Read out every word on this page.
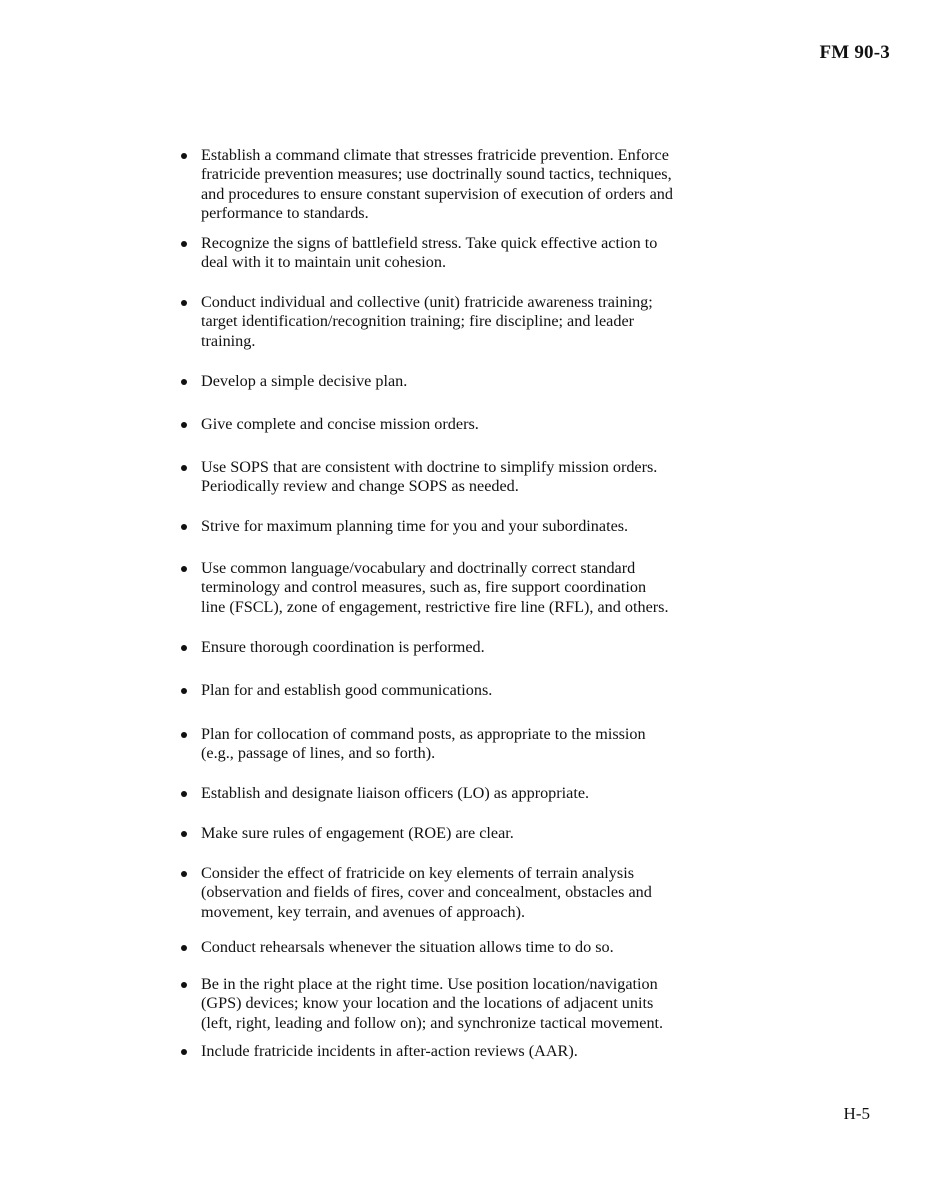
FM 90-3
Establish a command climate that stresses fratricide prevention. Enforce fratricide prevention measures; use doctrinally sound tactics, techniques, and procedures to ensure constant supervision of execution of orders and performance to standards.
Recognize the signs of battlefield stress. Take quick effective action to deal with it to maintain unit cohesion.
Conduct individual and collective (unit) fratricide awareness training; target identification/recognition training; fire discipline; and leader training.
Develop a simple decisive plan.
Give complete and concise mission orders.
Use SOPS that are consistent with doctrine to simplify mission orders. Periodically review and change SOPS as needed.
Strive for maximum planning time for you and your subordinates.
Use common language/vocabulary and doctrinally correct standard terminology and control measures, such as, fire support coordination line (FSCL), zone of engagement, restrictive fire line (RFL), and others.
Ensure thorough coordination is performed.
Plan for and establish good communications.
Plan for collocation of command posts, as appropriate to the mission (e.g., passage of lines, and so forth).
Establish and designate liaison officers (LO) as appropriate.
Make sure rules of engagement (ROE) are clear.
Consider the effect of fratricide on key elements of terrain analysis (observation and fields of fires, cover and concealment, obstacles and movement, key terrain, and avenues of approach).
Conduct rehearsals whenever the situation allows time to do so.
Be in the right place at the right time. Use position location/navigation (GPS) devices; know your location and the locations of adjacent units (left, right, leading and follow on); and synchronize tactical movement.
Include fratricide incidents in after-action reviews (AAR).
H-5
